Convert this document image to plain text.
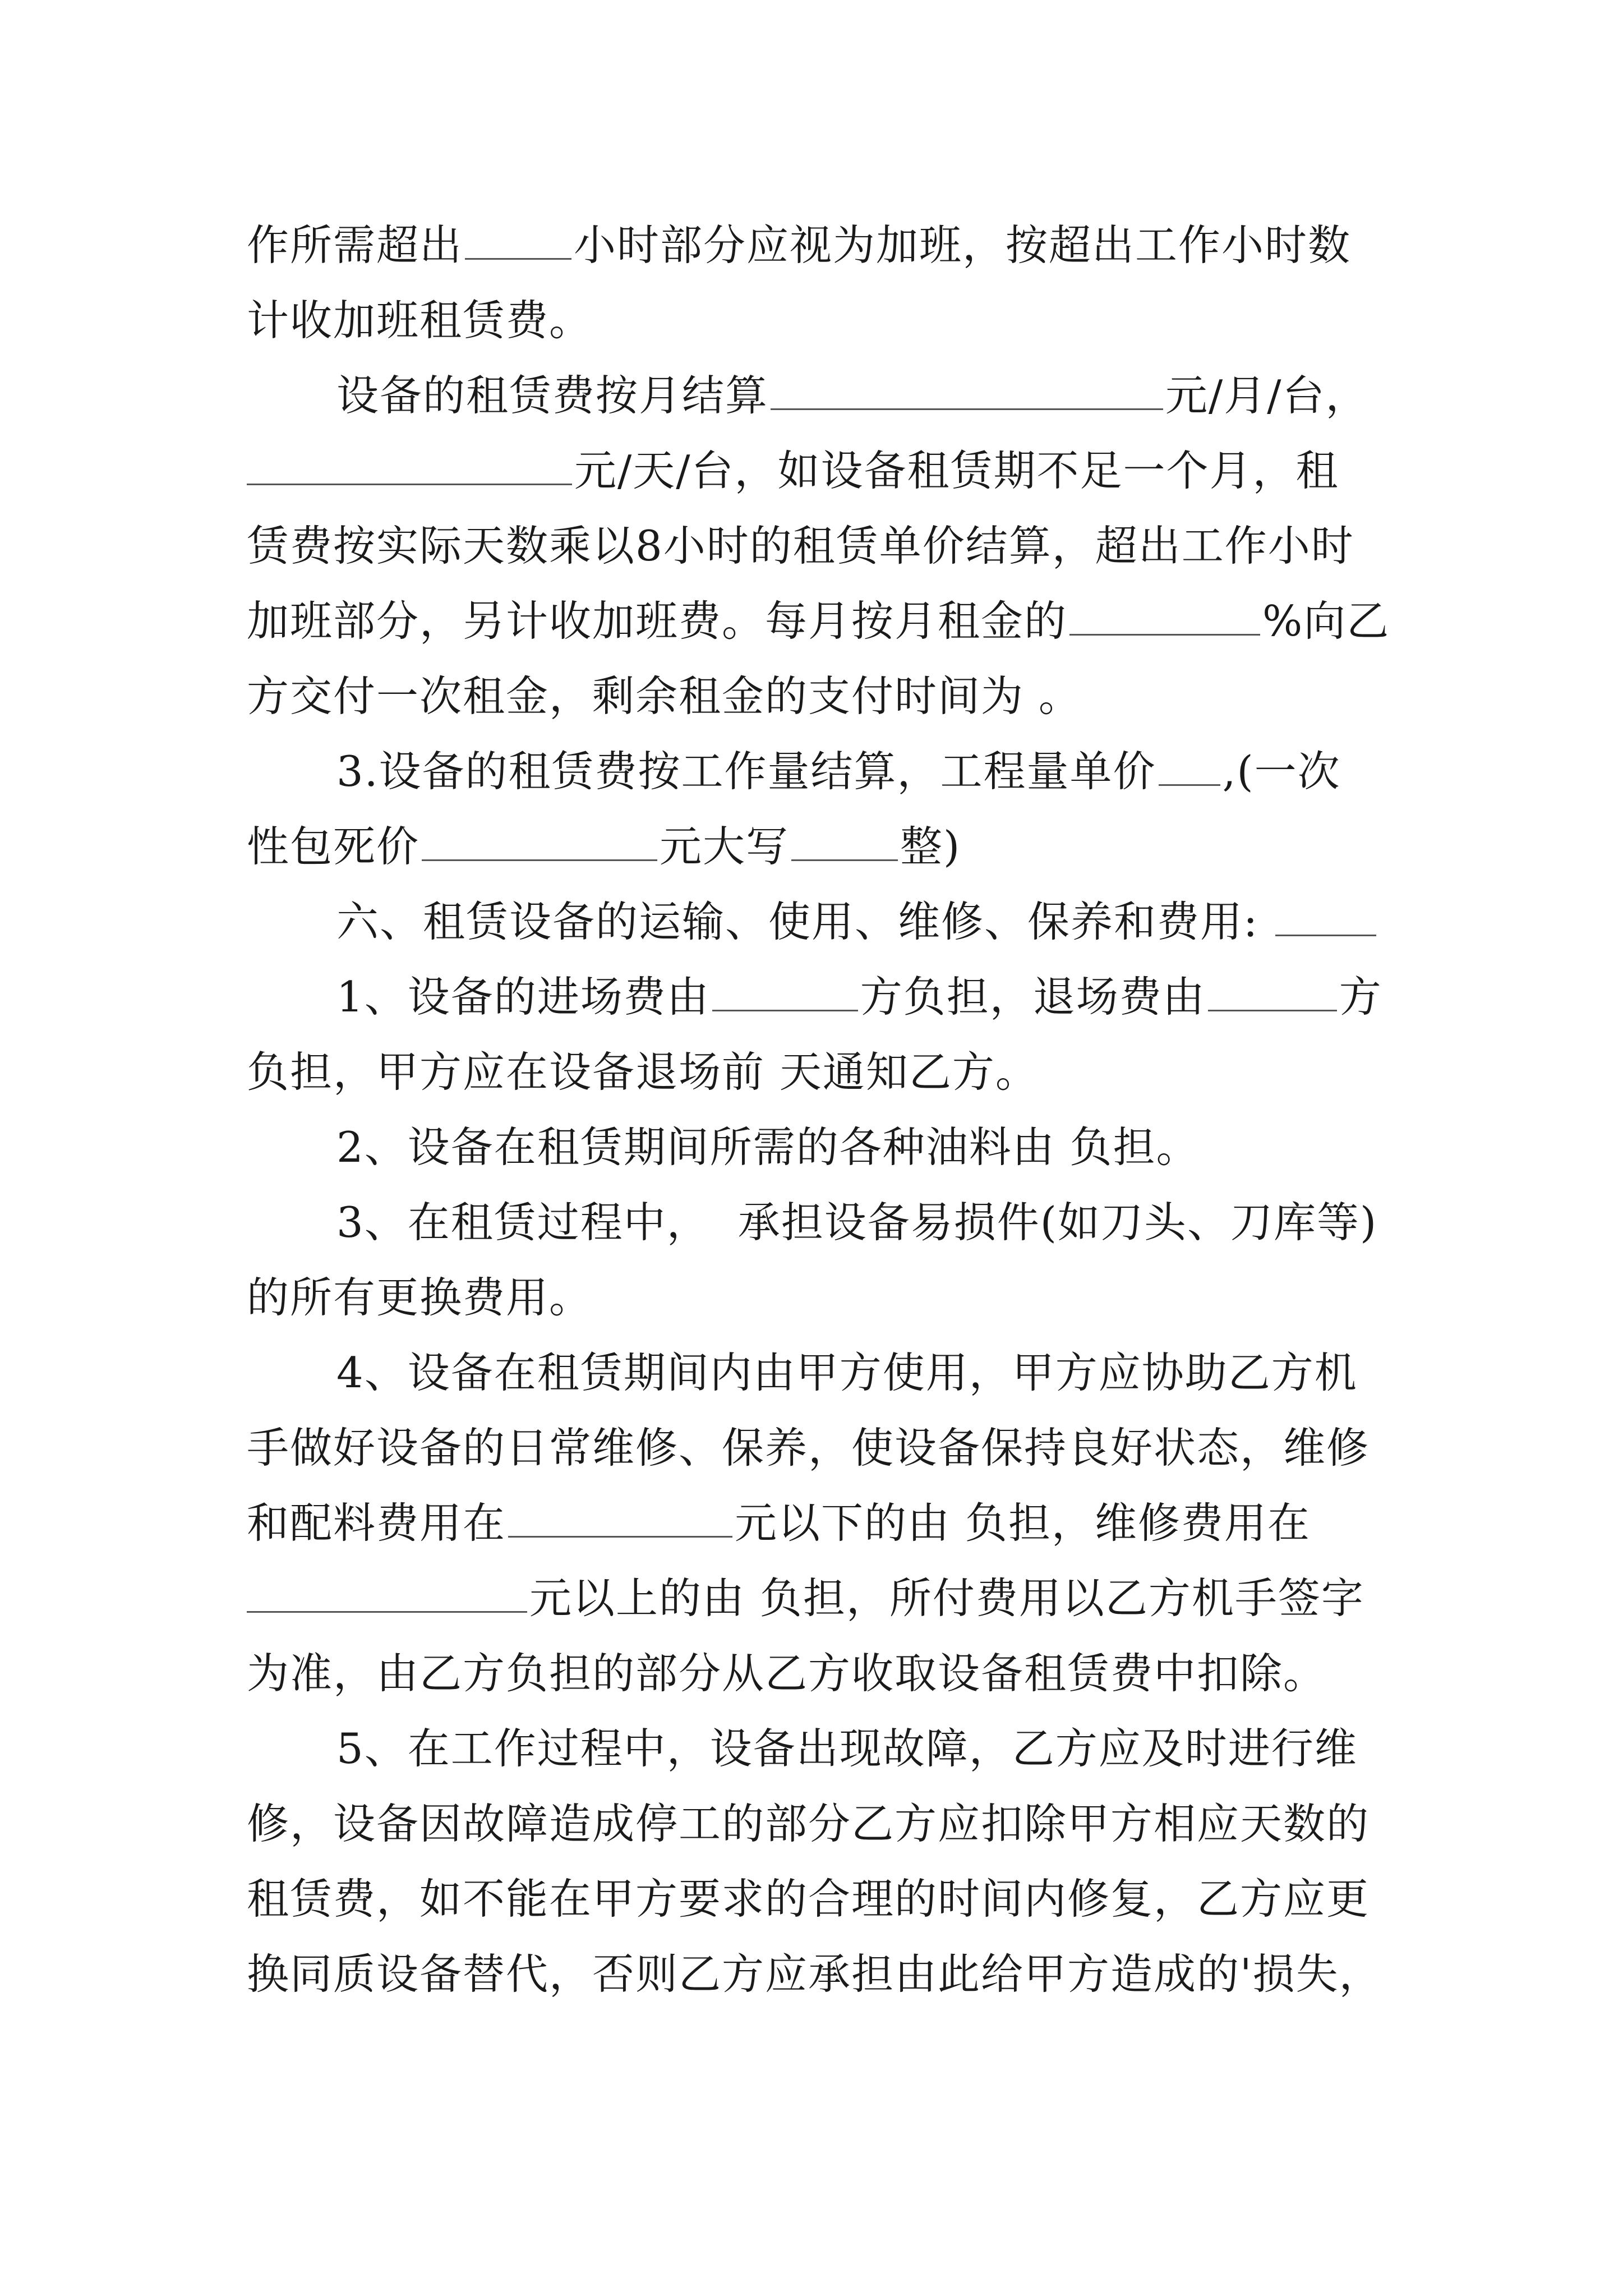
作所需超出	小时部分应视为加班，按超出工作小时数

计收加班租赁费。

设备的租赁费按月结算	元/月/台，

元/天/台，如设备租赁期不足一个月，租

赁费按实际天数乘以8小时的租赁单价结算，超出工作小时

加班部分，另计收加班费。每月按月租金的	%向乙

方交付一次租金，剩余租金的支付时间为 。

3.设备的租赁费按工作量结算，工程量单价 ,(一次

性包死价	元大写	整)

六、租赁设备的运输、使用、维修、保养和费用:

1、设备的进场费由	方负担，退场费由	方

负担，甲方应在设备退场前 天通知乙方。

2、设备在租赁期间所需的各种油料由 负担。

3、在租赁过程中， 承担设备易损件(如刀头、刀库等)

的所有更换费用。

4、设备在租赁期间内由甲方使用，甲方应协助乙方机

手做好设备的日常维修、保养，使设备保持良好状态，维修

和配料费用在	元以下的由 负担，维修费用在

元以上的由 负担，所付费用以乙方机手签字

为准，由乙方负担的部分从乙方收取设备租赁费中扣除。

5、在工作过程中，设备出现故障，乙方应及时进行维

修，设备因故障造成停工的部分乙方应扣除甲方相应天数的

租赁费，如不能在甲方要求的合理的时间内修复，乙方应更

换同质设备替代，否则乙方应承担由此给甲方造成的'损失，
